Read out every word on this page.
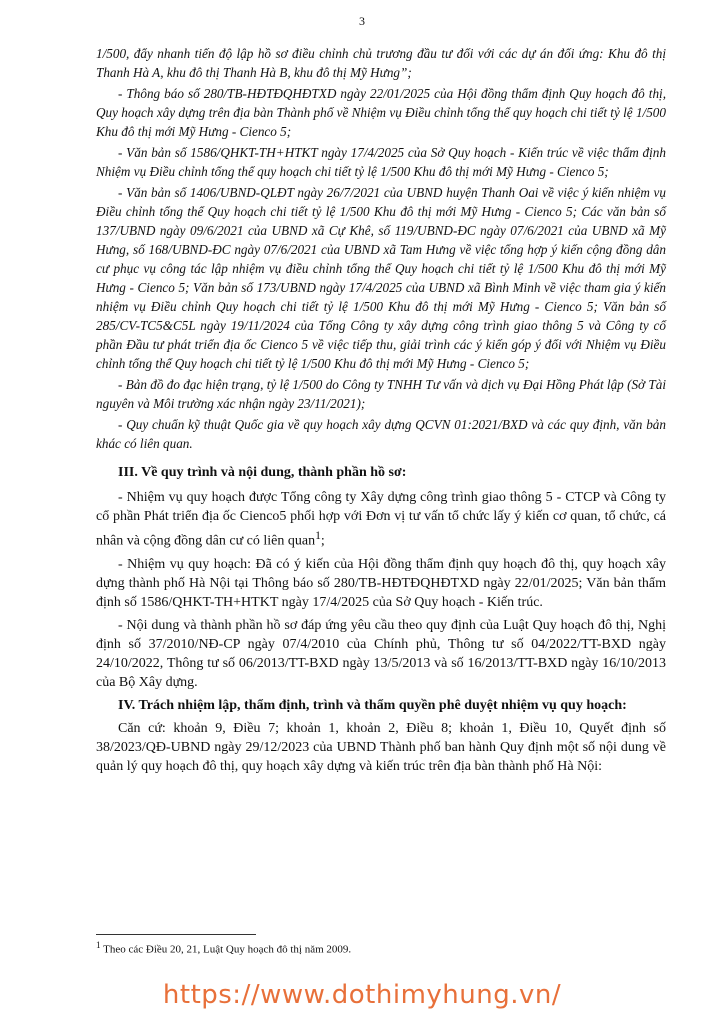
3

1/500, đẩy nhanh tiến độ lập hồ sơ điều chỉnh chủ trương đầu tư đối với các dự án đối ứng: Khu đô thị Thanh Hà A, khu đô thị Thanh Hà B, khu đô thị Mỹ Hưng”;

- Thông báo số 280/TB-HĐTĐQHĐTXD ngày 22/01/2025 của Hội đồng thẩm định Quy hoạch đô thị, Quy hoạch xây dựng trên địa bàn Thành phố về Nhiệm vụ Điều chỉnh tổng thể quy hoạch chi tiết tỷ lệ 1/500 Khu đô thị mới Mỹ Hưng - Cienco 5;

- Văn bản số 1586/QHKT-TH+HTKT ngày 17/4/2025 của Sở Quy hoạch - Kiến trúc về việc thẩm định Nhiệm vụ Điều chỉnh tổng thể quy hoạch chi tiết tỷ lệ 1/500 Khu đô thị mới Mỹ Hưng - Cienco 5;

- Văn bản số 1406/UBND-QLĐT ngày 26/7/2021 của UBND huyện Thanh Oai về việc ý kiến nhiệm vụ Điều chỉnh tổng thể Quy hoạch chi tiết tỷ lệ 1/500 Khu đô thị mới Mỹ Hưng - Cienco 5; Các văn bản số 137/UBND ngày 09/6/2021 của UBND xã Cự Khê, số 119/UBND-ĐC ngày 07/6/2021 của UBND xã Mỹ Hưng, số 168/UBND-ĐC ngày 07/6/2021 của UBND xã Tam Hưng về việc tổng hợp ý kiến cộng đồng dân cư phục vụ công tác lập nhiệm vụ điều chỉnh tổng thể Quy hoạch chi tiết tỷ lệ 1/500 Khu đô thị mới Mỹ Hưng - Cienco 5; Văn bản số 173/UBND ngày 17/4/2025 của UBND xã Bình Minh về việc tham gia ý kiến nhiệm vụ Điều chỉnh Quy hoạch chi tiết tỷ lệ 1/500 Khu đô thị mới Mỹ Hưng - Cienco 5; Văn bản số 285/CV-TC5&C5L ngày 19/11/2024 của Tổng Công ty xây dựng công trình giao thông 5 và Công ty cổ phần Đầu tư phát triển địa ốc Cienco 5 về việc tiếp thu, giải trình các ý kiến góp ý đối với Nhiệm vụ Điều chỉnh tổng thể Quy hoạch chi tiết tỷ lệ 1/500 Khu đô thị mới Mỹ Hưng - Cienco 5;

- Bản đồ đo đạc hiện trạng, tỷ lệ 1/500 do Công ty TNHH Tư vấn và dịch vụ Đại Hồng Phát lập (Sở Tài nguyên và Môi trường xác nhận ngày 23/11/2021);

- Quy chuẩn kỹ thuật Quốc gia về quy hoạch xây dựng QCVN 01:2021/BXD và các quy định, văn bản khác có liên quan.

III. Về quy trình và nội dung, thành phần hồ sơ:

- Nhiệm vụ quy hoạch được Tổng công ty Xây dựng công trình giao thông 5 - CTCP và Công ty cổ phần Phát triển địa ốc Cienco5 phối hợp với Đơn vị tư vấn tổ chức lấy ý kiến cơ quan, tổ chức, cá nhân và cộng đồng dân cư có liên quan$^1$;

- Nhiệm vụ quy hoạch: Đã có ý kiến của Hội đồng thẩm định quy hoạch đô thị, quy hoạch xây dựng thành phố Hà Nội tại Thông báo số 280/TB-HĐTĐQHĐTXD ngày 22/01/2025; Văn bản thẩm định số 1586/QHKT-TH+HTKT ngày 17/4/2025 của Sở Quy hoạch - Kiến trúc.

- Nội dung và thành phần hồ sơ đáp ứng yêu cầu theo quy định của Luật Quy hoạch đô thị, Nghị định số 37/2010/NĐ-CP ngày 07/4/2010 của Chính phủ, Thông tư số 04/2022/TT-BXD ngày 24/10/2022, Thông tư số 06/2013/TT-BXD ngày 13/5/2013 và số 16/2013/TT-BXD ngày 16/10/2013 của Bộ Xây dựng.

IV. Trách nhiệm lập, thẩm định, trình và thẩm quyền phê duyệt nhiệm vụ quy hoạch:

Căn cứ: khoản 9, Điều 7; khoản 1, khoản 2, Điều 8; khoản 1, Điều 10, Quyết định số 38/2023/QĐ-UBND ngày 29/12/2023 của UBND Thành phố ban hành Quy định một số nội dung về quản lý quy hoạch đô thị, quy hoạch xây dựng và kiến trúc trên địa bàn thành phố Hà Nội:

$^1$ Theo các Điều 20, 21, Luật Quy hoạch đô thị năm 2009.
https://www.dothimyhung.vn/
